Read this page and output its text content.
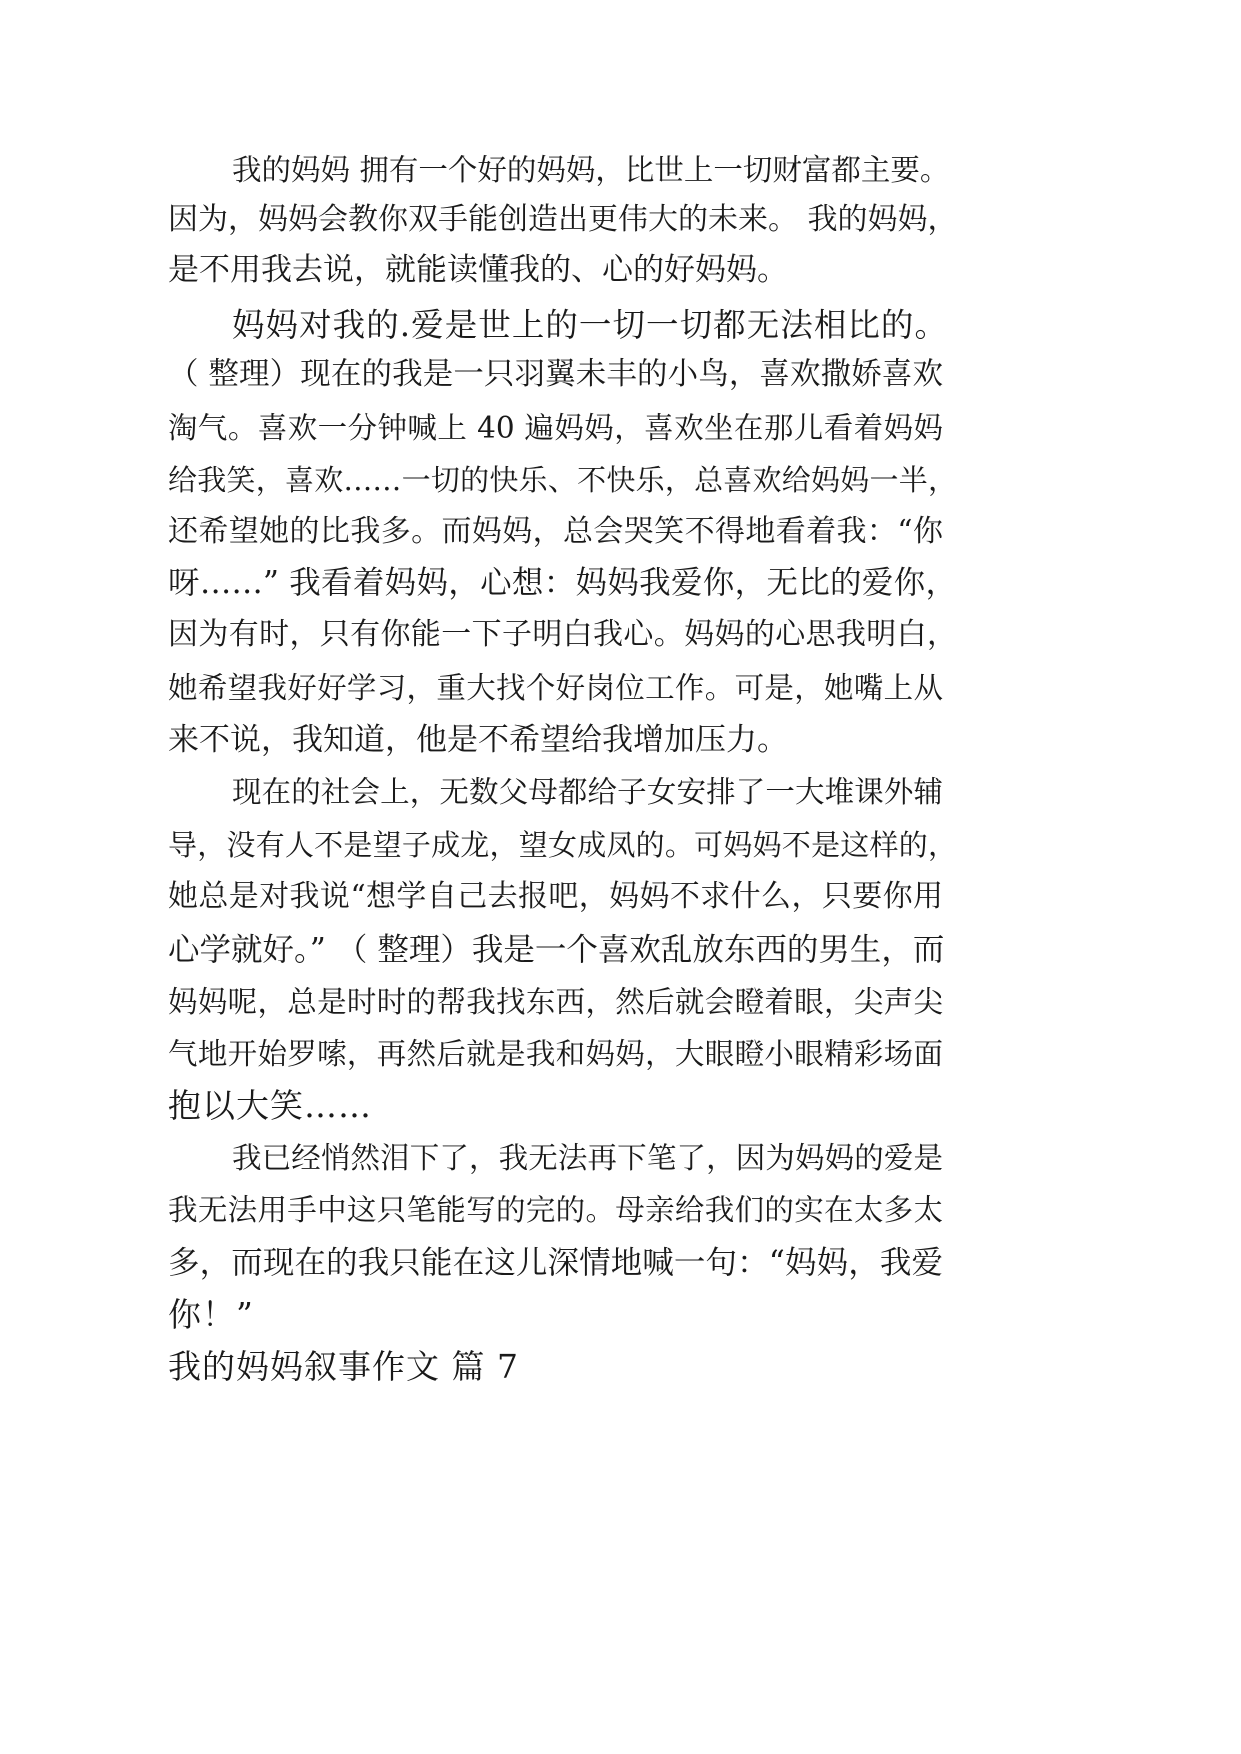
我的妈妈 拥有一个好的妈妈，比世上一切财富都主要。
因为，妈妈会教你双手能创造出更伟大的未来。 我的妈妈，
是不用我去说，就能读懂我的、心的好妈妈。
妈妈对我的.爱是世上的一切一切都无法相比的。
（ 整理）现在的我是一只羽翼未丰的小鸟，喜欢撒娇喜欢
淘气。喜欢一分钟喊上 40 遍妈妈，喜欢坐在那儿看着妈妈
给我笑，喜欢……一切的快乐、不快乐，总喜欢给妈妈一半，
还希望她的比我多。而妈妈，总会哭笑不得地看着我：“你
呀……” 我看着妈妈，心想：妈妈我爱你，无比的爱你，
因为有时，只有你能一下子明白我心。妈妈的心思我明白，
她希望我好好学习，重大找个好岗位工作。可是，她嘴上从
来不说，我知道，他是不希望给我增加压力。
现在的社会上，无数父母都给子女安排了一大堆课外辅
导，没有人不是望子成龙，望女成凤的。可妈妈不是这样的，
她总是对我说“想学自己去报吧，妈妈不求什么，只要你用
心学就好。” （ 整理）我是一个喜欢乱放东西的男生，而
妈妈呢，总是时时的帮我找东西，然后就会瞪着眼，尖声尖
气地开始罗嗦，再然后就是我和妈妈，大眼瞪小眼精彩场面
抱以大笑……
我已经悄然泪下了，我无法再下笔了，因为妈妈的爱是
我无法用手中这只笔能写的完的。母亲给我们的实在太多太
多，而现在的我只能在这儿深情地喊一句：“妈妈，我爱
你！”
我的妈妈叙事作文 篇 7
